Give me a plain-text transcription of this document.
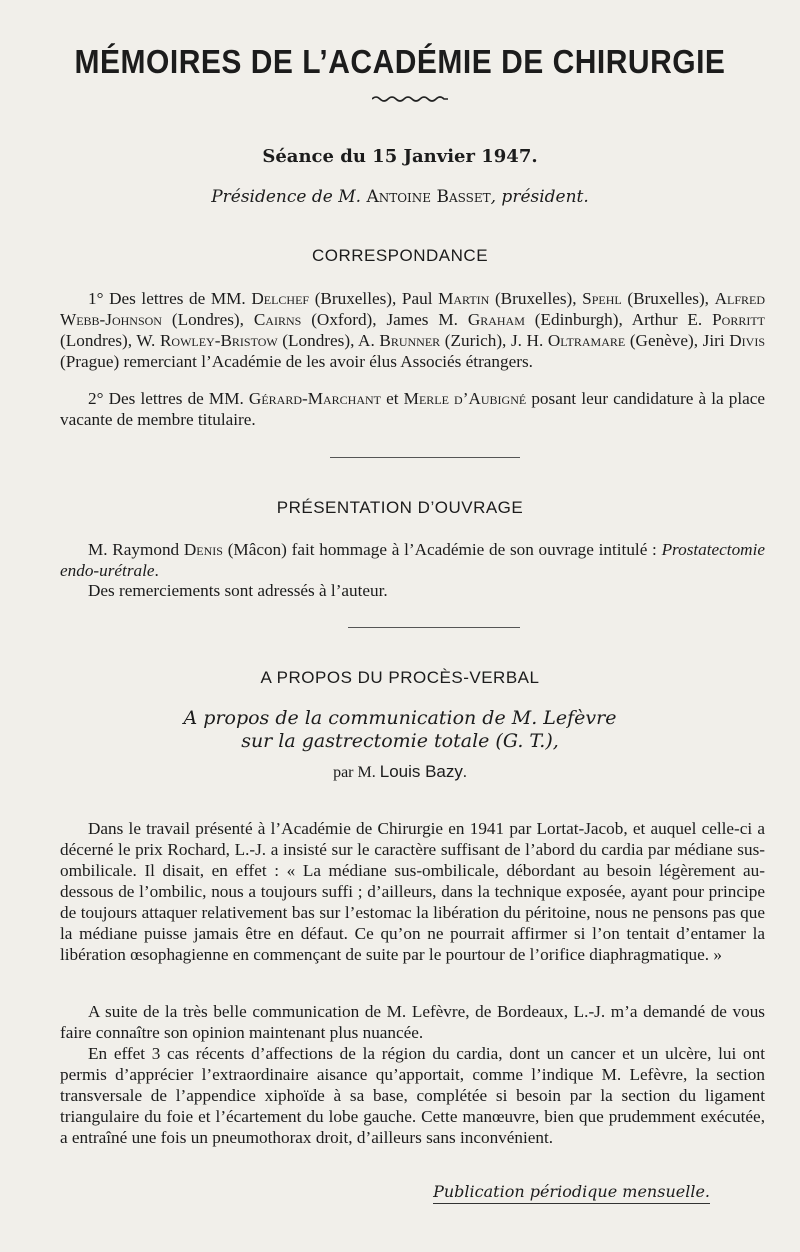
MÉMOIRES DE L’ACADÉMIE DE CHIRURGIE
Séance du 15 Janvier 1947.
Présidence de M. Antoine Basset, président.
CORRESPONDANCE

1° Des lettres de MM. Delchef (Bruxelles), Paul Martin (Bruxelles), Spehl (Bruxelles), Alfred Webb-Johnson (Londres), Cairns (Oxford), James M. Graham (Edinburgh), Arthur E. Porritt (Londres), W. Rowley-Bristow (Londres), A. Brunner (Zurich), J. H. Oltramare (Genève), Jiri Divis (Prague) remerciant l’Académie de les avoir élus Associés étrangers.

2° Des lettres de MM. Gérard-Marchant et Merle d’Aubigné posant leur candidature à la place vacante de membre titulaire.

PRÉSENTATION D’OUVRAGE

M. Raymond Denis (Mâcon) fait hommage à l’Académie de son ouvrage intitulé : Prostatectomie endo-urétrale.

Des remerciements sont adressés à l’auteur.

A PROPOS DU PROCÈS-VERBAL
A propos de la communication de M. Lefèvre
sur la gastrectomie totale (G. T.),
par M. Louis Bazy.

Dans le travail présenté à l’Académie de Chirurgie en 1941 par Lortat-Jacob, et auquel celle-ci a décerné le prix Rochard, L.-J. a insisté sur le caractère suffisant de l’abord du cardia par médiane sus-ombilicale. Il disait, en effet : « La médiane sus-ombilicale, débordant au besoin légèrement au-dessous de l’ombilic, nous a toujours suffi ; d’ailleurs, dans la technique exposée, ayant pour principe de toujours attaquer relativement bas sur l’estomac la libération du péritoine, nous ne pensons pas que la médiane puisse jamais être en défaut. Ce qu’on ne pourrait affirmer si l’on tentait d’entamer la libération œsophagienne en commençant de suite par le pourtour de l’orifice diaphragmatique. »

A suite de la très belle communication de M. Lefèvre, de Bordeaux, L.-J. m’a demandé de vous faire connaître son opinion maintenant plus nuancée.

En effet 3 cas récents d’affections de la région du cardia, dont un cancer et un ulcère, lui ont permis d’apprécier l’extraordinaire aisance qu’apportait, comme l’indique M. Lefèvre, la section transversale de l’appendice xiphoïde à sa base, complétée si besoin par la section du ligament triangulaire du foie et l’écartement du lobe gauche. Cette manœuvre, bien que prudemment exécutée, a entraîné une fois un pneumothorax droit, d’ailleurs sans inconvénient.

Publication périodique mensuelle.
